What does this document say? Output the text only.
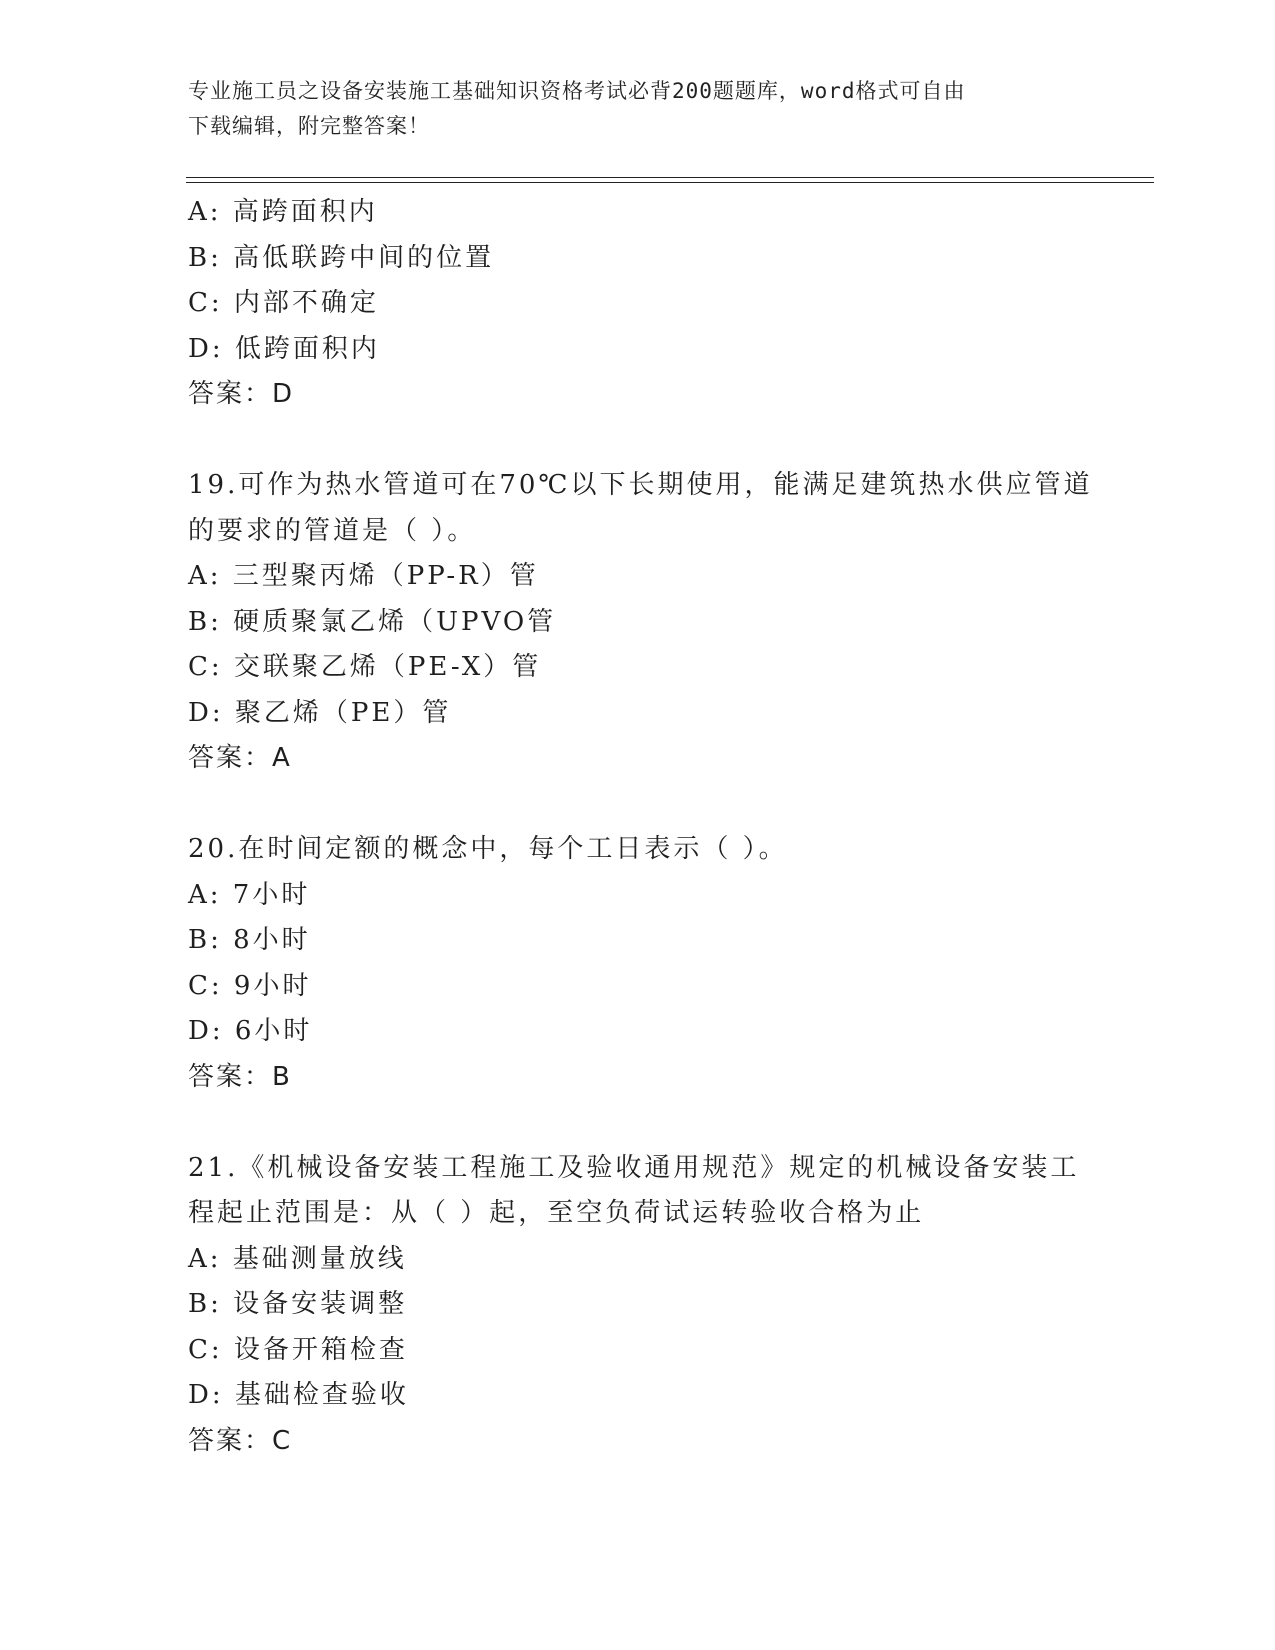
专业施工员之设备安装施工基础知识资格考试必背200题题库，word格式可自由
下载编辑，附完整答案！
A: 高跨面积内
B: 高低联跨中间的位置
C: 内部不确定
D: 低跨面积内
答案：D
19.可作为热水管道可在70℃以下长期使用，能满足建筑热水供应管道
的要求的管道是（ ）。
A: 三型聚丙烯（PP-R）管
B: 硬质聚氯乙烯（UPVO管
C: 交联聚乙烯（PE-X）管
D: 聚乙烯（PE）管
答案：A
20.在时间定额的概念中，每个工日表示（ ）。
A: 7小时
B: 8小时
C: 9小时
D: 6小时
答案：B
21.《机械设备安装工程施工及验收通用规范》规定的机械设备安装工
程起止范围是：从（ ）起，至空负荷试运转验收合格为止
A: 基础测量放线
B: 设备安装调整
C: 设备开箱检查
D: 基础检查验收
答案：C
